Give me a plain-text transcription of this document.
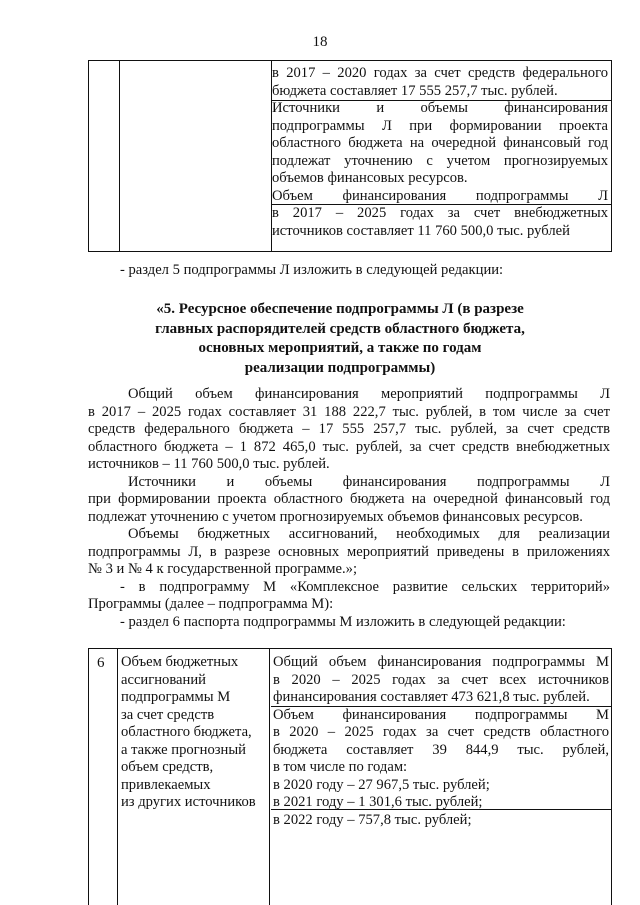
18
в 2017 – 2020 годах за счет средств федерального
бюджета составляет 17 555 257,7 тыс. рублей.
Источники и объемы финансирования
подпрограммы Л при формировании проекта
областного бюджета на очередной финансовый год
подлежат уточнению с учетом прогнозируемых
объемов финансовых ресурсов.
Объем финансирования подпрограммы Л
в 2017 – 2025 годах за счет внебюджетных
источников составляет 11 760 500,0 тыс. рублей
- раздел 5 подпрограммы Л изложить в следующей редакции:
«5. Ресурсное обеспечение подпрограммы Л (в разрезе
главных распорядителей средств областного бюджета,
основных мероприятий, а также по годам
реализации подпрограммы)
Общий объем финансирования мероприятий подпрограммы Л
в 2017 – 2025 годах составляет 31 188 222,7 тыс. рублей, в том числе за счет
средств федерального бюджета – 17 555 257,7 тыс. рублей, за счет средств
областного бюджета – 1 872 465,0 тыс. рублей, за счет средств внебюджетных
источников – 11 760 500,0 тыс. рублей.
Источники и объемы финансирования подпрограммы Л
при формировании проекта областного бюджета на очередной финансовый год
подлежат уточнению с учетом прогнозируемых объемов финансовых ресурсов.
Объемы бюджетных ассигнований, необходимых для реализации
подпрограммы Л, в разрезе основных мероприятий приведены в приложениях
№ 3 и № 4 к государственной программе.»;
- в подпрограмму М «Комплексное развитие сельских территорий»
Программы (далее – подпрограмма М):
- раздел 6 паспорта подпрограммы М изложить в следующей редакции:
6 Объем бюджетных
ассигнований
подпрограммы М
за счет средств
областного бюджета,
а также прогнозный
объем средств,
привлекаемых
из других источников
Общий объем финансирования подпрограммы М
в 2020 – 2025 годах за счет всех источников
финансирования составляет 473 621,8 тыс. рублей.
Объем финансирования подпрограммы М
в 2020 – 2025 годах за счет средств областного
бюджета составляет 39 844,9 тыс. рублей,
в том числе по годам:
в 2020 году – 27 967,5 тыс. рублей;
в 2021 году – 1 301,6 тыс. рублей;
в 2022 году – 757,8 тыс. рублей;
